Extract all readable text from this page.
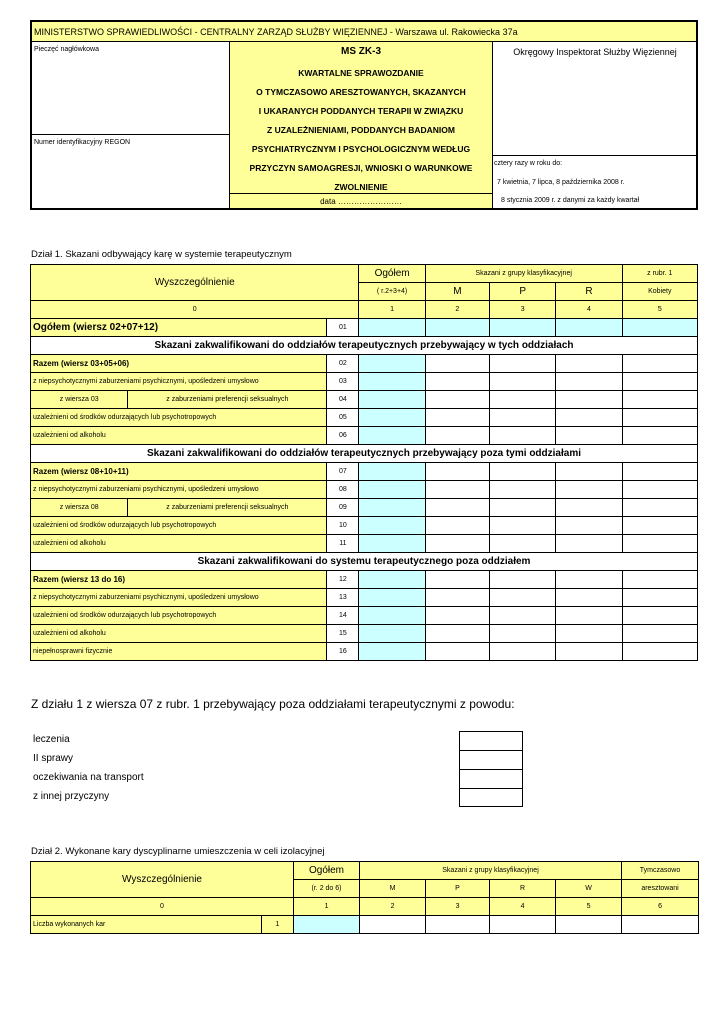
MINISTERSTWO SPRAWIEDLIWOŚCI - CENTRALNY ZARZĄD SŁUŻBY WIĘZIENNEJ - Warszawa ul. Rakowiecka 37a
Pieczęć nagłówkowa
Numer identyfikacyjny REGON
MS ZK-3
KWARTALNE SPRAWOZDANIE
O TYMCZASOWO ARESZTOWANYCH, SKAZANYCH
I UKARANYCH PODDANYCH TERAPII W ZWIĄZKU
Z UZALEŻNIENIAMI, PODDANYCH BADANIOM
PSYCHIATRYCZNYM I PSYCHOLOGICZNYM WEDŁUG
PRZYCZYN SAMOAGRESJI, WNIOSKI O WARUNKOWE
ZWOLNIENIE
data ……………………
Okręgowy Inspektorat Służby Więziennej
cztery razy w roku do:
7 kwietnia, 7 lipca, 8 października 2008 r.
8 stycznia 2009 r. z danymi za każdy kwartał
Dział 1. Skazani odbywający karę w systemie terapeutycznym
Wyszczególnienie			Ogółem	Skazani z grupy klasyfikacyjnej			z rubr. 1
			( r.2+3+4)	M	P	R	Kobiety
0			1	2	3	4	5
Ogółem (wiersz 02+07+12)		01					
Skazani zakwalifikowani do oddziałów terapeutycznych przebywający w tych oddziałach							
Razem (wiersz 03+05+06)		02					
z niepsychotycznymi zaburzeniami psychicznymi, upośledzeni umysłowo		03					
z wiersza 03	z zaburzeniami preferencji seksualnych	04					
uzależnieni od środków odurzających lub psychotropowych		05					
uzależnieni od alkoholu		06					
Skazani zakwalifikowani do oddziałów terapeutycznych przebywający poza tymi oddziałami							
Razem (wiersz 08+10+11)		07					
z niepsychotycznymi zaburzeniami psychicznymi, upośledzeni umysłowo		08					
z wiersza 08	z zaburzeniami preferencji seksualnych	09					
uzależnieni od środków odurzających lub psychotropowych		10					
uzależnieni od alkoholu		11					
Skazani zakwalifikowani do systemu terapeutycznego poza oddziałem							
Razem (wiersz 13 do 16)		12					
z niepsychotycznymi zaburzeniami psychicznymi, upośledzeni umysłowo		13					
uzależnieni od środków odurzających lub psychotropowych		14					
uzależnieni od alkoholu		15					
niepełnosprawni fizycznie		16					
Z działu 1 z wiersza 07 z rubr. 1 przebywający poza oddziałami terapeutycznymi z powodu:
leczenia
II sprawy
oczekiwania na transport
z innej przyczyny
Dział 2. Wykonane kary dyscyplinarne umieszczenia w celi izolacyjnej
Wyszczególnienie		Ogółem	Skazani z grupy klasyfikacyjnej				Tymczasowo
		(r. 2 do 6)	M	P	R	W	aresztowani
0		1	2	3	4	5	6
Liczba wykonanych kar	1						
